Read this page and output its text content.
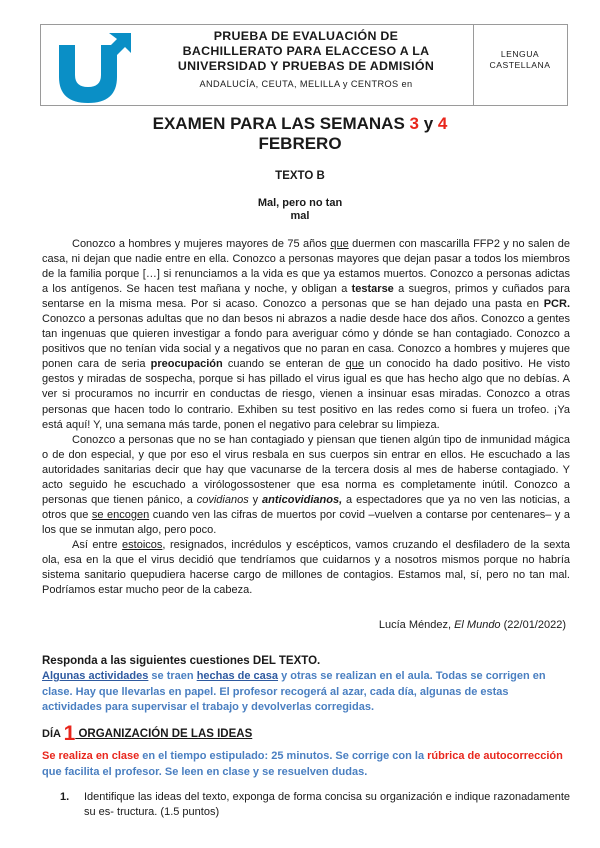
PRUEBA DE EVALUACIÓN DE
BACHILLERATO PARA ELACCESO A LA
UNIVERSIDAD Y PRUEBAS DE ADMISIÓN
ANDALUCÍA, CEUTA, MELILLA y CENTROS en
LENGUA
CASTELLANA
EXAMEN PARA LAS SEMANAS 3 y 4
FEBRERO
TEXTO B
Mal, pero no tan
mal

Conozco a hombres y mujeres mayores de 75 años que duermen con mascarilla FFP2 y no salen de casa, ni dejan que nadie entre en ella. Conozco a personas mayores que dejan pasar a todos los miembros de la familia porque […] si renunciamos a la vida es que ya estamos muertos. Conozco a personas adictas a los antígenos. Se hacen test mañana y noche, y obligan a testarse a suegros, primos y cuñados para sentarse en la misma mesa. Por si acaso. Conozco a personas que se han dejado una pasta en PCR. Conozco a personas adultas que no dan besos ni abrazos a nadie desde hace dos años. Conozco a gentes tan ingenuas que quieren investigar a fondo para averiguar cómo y dónde se han contagiado. Conozco a positivos que no tenían vida social y a negativos que no paran en casa. Conozco a hombres y mujeres que ponen cara de seria preocupación cuando se enteran de que un conocido ha dado positivo. He visto gestos y miradas de sospecha, porque si has pillado el virus igual es que has hecho algo que no debías. A ver si procuramos no incurrir en conductas de riesgo, vienen a insinuar esas miradas. Conozco a otras personas que hacen todo lo contrario. Exhiben su test positivo en las redes como si fuera un trofeo. ¡Ya está aquí! Y, una semana más tarde, ponen el negativo para celebrar su limpieza.

Conozco a personas que no se han contagiado y piensan que tienen algún tipo de inmunidad mágica o de don especial, y que por eso el virus resbala en sus cuerpos sin entrar en ellos. He escuchado a las autoridades sanitarias decir que hay que vacunarse de la tercera dosis al mes de haberse contagiado. Y acto seguido he escuchado a virólogossostener que esa norma es completamente inútil. Conozco a personas que tienen pánico, a covidianos y anticovidianos, a espectadores que ya no ven las noticias, a otros que se encogen cuando ven las cifras de muertos por covid –vuelven a contarse por centenares– y a los que se inmutan algo, pero poco.

Así entre estoicos, resignados, incrédulos y escépticos, vamos cruzando el desfiladero de la sexta ola, esa en la que el virus decidió que tendríamos que cuidarnos y a nosotros mismos porque no habría sistema sanitario quepudiera hacerse cargo de millones de contagios. Estamos mal, sí, pero no tan mal. Podríamos estar mucho peor de la cabeza.

Lucía Méndez, El Mundo (22/01/2022)
Responda a las siguientes cuestiones DEL TEXTO.
Algunas actividades se traen hechas de casa y otras se realizan en el aula. Todas se corrigen en clase. Hay que llevarlas en papel. El profesor recogerá al azar, cada día, algunas de estas actividades para supervisar el trabajo y devolverlas corregidas.
DÍA 1 ORGANIZACIÓN DE LAS IDEAS
Se realiza en clase en el tiempo estipulado: 25 minutos. Se corrige con la rúbrica de autocorrección que facilita el profesor. Se leen en clase y se resuelven dudas.
1. Identifique las ideas del texto, exponga de forma concisa su organización e indique razonadamente su es- tructura. (1.5 puntos)
